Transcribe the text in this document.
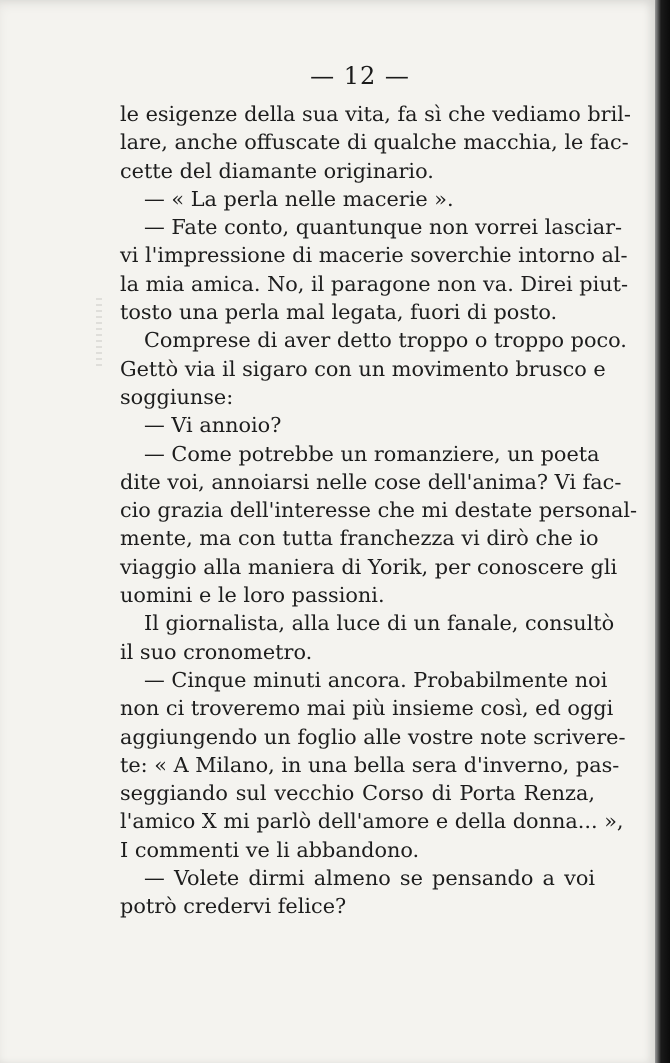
— 12 —
le esigenze della sua vita, fa sì che vediamo bril-
lare, anche offuscate di qualche macchia, le fac-
cette del diamante originario.
— « La perla nelle macerie ».
— Fate conto, quantunque non vorrei lasciar-
vi l'impressione di macerie soverchie intorno al-
la mia amica. No, il paragone non va. Direi piut-
tosto una perla mal legata, fuori di posto.
Comprese di aver detto troppo o troppo poco.
Gettò via il sigaro con un movimento brusco e
soggiunse:
— Vi annoio?
— Come potrebbe un romanziere, un poeta
dite voi, annoiarsi nelle cose dell'anima? Vi fac-
cio grazia dell'interesse che mi destate personal-
mente, ma con tutta franchezza vi dirò che io
viaggio alla maniera di Yorik, per conoscere gli
uomini e le loro passioni.
Il giornalista, alla luce di un fanale, consultò
il suo cronometro.
— Cinque minuti ancora. Probabilmente noi
non ci troveremo mai più insieme così, ed oggi
aggiungendo un foglio alle vostre note scrivere-
te: « A Milano, in una bella sera d'inverno, pas-
seggiando sul vecchio Corso di Porta Renza,
l'amico X mi parlò dell'amore e della donna... »,
I commenti ve li abbandono.
— Volete dirmi almeno se pensando a voi
potrò credervi felice?
